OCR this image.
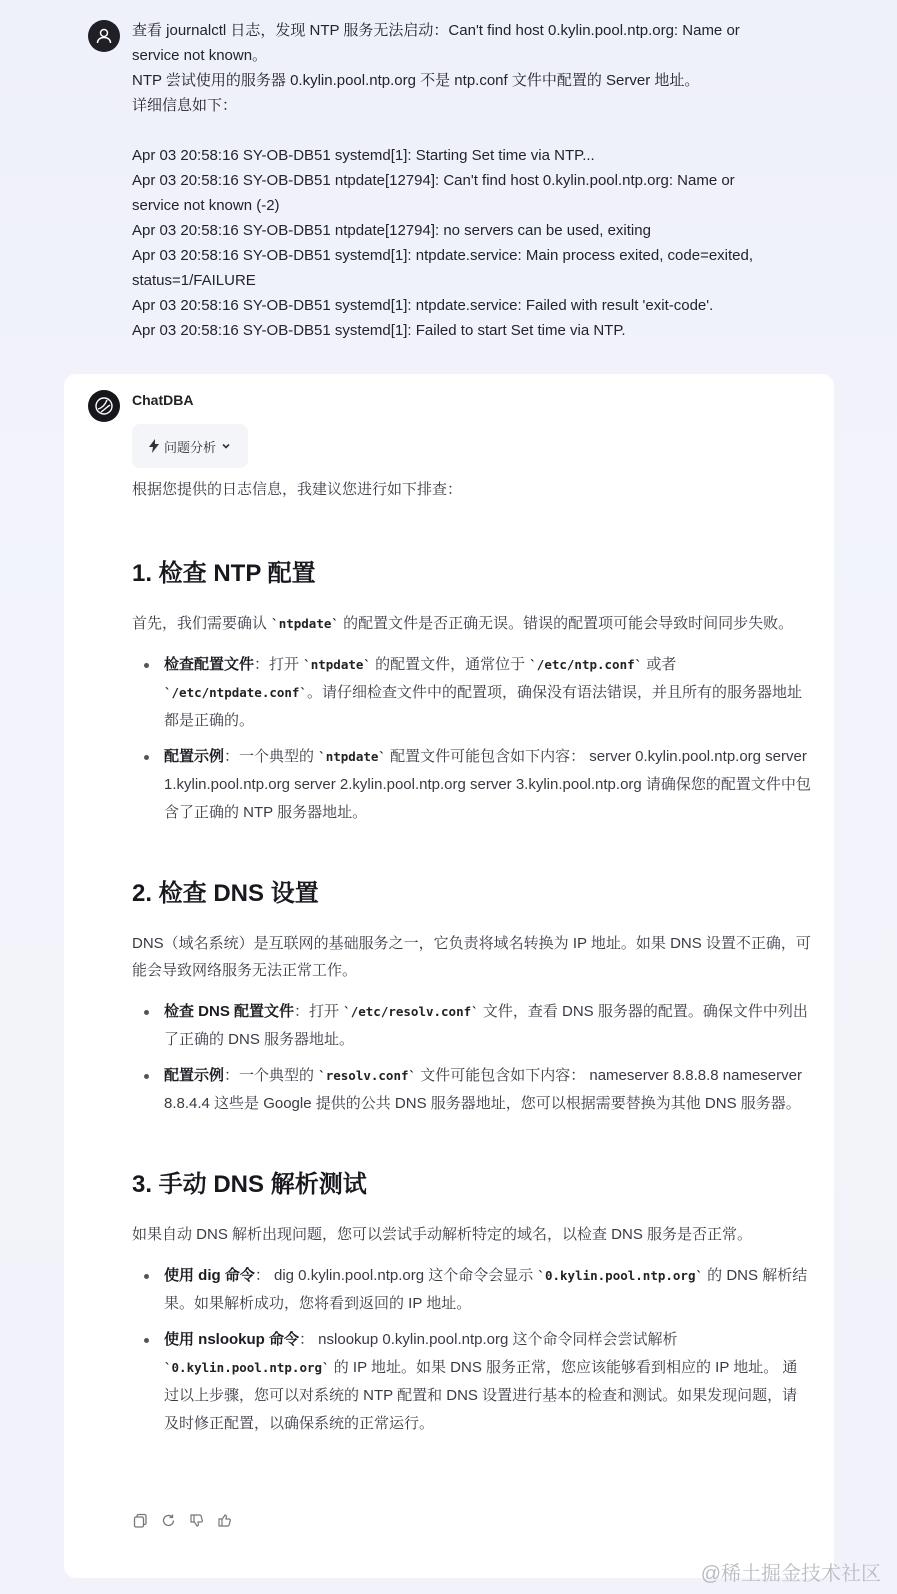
查看 journalctl 日志，发现 NTP 服务无法启动：Can't find host 0.kylin.pool.ntp.org: Name or service not known。
NTP 尝试使用的服务器 0.kylin.pool.ntp.org 不是 ntp.conf 文件中配置的 Server 地址。
详细信息如下：

Apr 03 20:58:16 SY-OB-DB51 systemd[1]: Starting Set time via NTP...
Apr 03 20:58:16 SY-OB-DB51 ntpdate[12794]: Can't find host 0.kylin.pool.ntp.org: Name or service not known (-2)
Apr 03 20:58:16 SY-OB-DB51 ntpdate[12794]: no servers can be used, exiting
Apr 03 20:58:16 SY-OB-DB51 systemd[1]: ntpdate.service: Main process exited, code=exited, status=1/FAILURE
Apr 03 20:58:16 SY-OB-DB51 systemd[1]: ntpdate.service: Failed with result 'exit-code'.
Apr 03 20:58:16 SY-OB-DB51 systemd[1]: Failed to start Set time via NTP.
ChatDBA
问题分析

根据您提供的日志信息，我建议您进行如下排查：

1. 检查 NTP 配置

首先，我们需要确认 `ntpdate` 的配置文件是否正确无误。错误的配置项可能会导致时间同步失败。

检查配置文件：打开 `ntpdate` 的配置文件，通常位于 `/etc/ntp.conf` 或者 `/etc/ntpdate.conf`。请仔细检查文件中的配置项，确保没有语法错误，并且所有的服务器地址都是正确的。
配置示例：一个典型的 `ntpdate` 配置文件可能包含如下内容： server 0.kylin.pool.ntp.org server 1.kylin.pool.ntp.org server 2.kylin.pool.ntp.org server 3.kylin.pool.ntp.org 请确保您的配置文件中包含了正确的 NTP 服务器地址。
2. 检查 DNS 设置

DNS（域名系统）是互联网的基础服务之一，它负责将域名转换为 IP 地址。如果 DNS 设置不正确，可能会导致网络服务无法正常工作。

检查 DNS 配置文件：打开 `/etc/resolv.conf` 文件，查看 DNS 服务器的配置。确保文件中列出了正确的 DNS 服务器地址。
配置示例：一个典型的 `resolv.conf` 文件可能包含如下内容： nameserver 8.8.8.8 nameserver 8.8.4.4 这些是 Google 提供的公共 DNS 服务器地址，您可以根据需要替换为其他 DNS 服务器。
3. 手动 DNS 解析测试

如果自动 DNS 解析出现问题，您可以尝试手动解析特定的域名，以检查 DNS 服务是否正常。

使用 dig 命令： dig 0.kylin.pool.ntp.org 这个命令会显示 `0.kylin.pool.ntp.org` 的 DNS 解析结果。如果解析成功，您将看到返回的 IP 地址。
使用 nslookup 命令： nslookup 0.kylin.pool.ntp.org 这个命令同样会尝试解析 `0.kylin.pool.ntp.org` 的 IP 地址。如果 DNS 服务正常，您应该能够看到相应的 IP 地址。 通过以上步骤，您可以对系统的 NTP 配置和 DNS 设置进行基本的检查和测试。如果发现问题，请及时修正配置，以确保系统的正常运行。
@稀土掘金技术社区
